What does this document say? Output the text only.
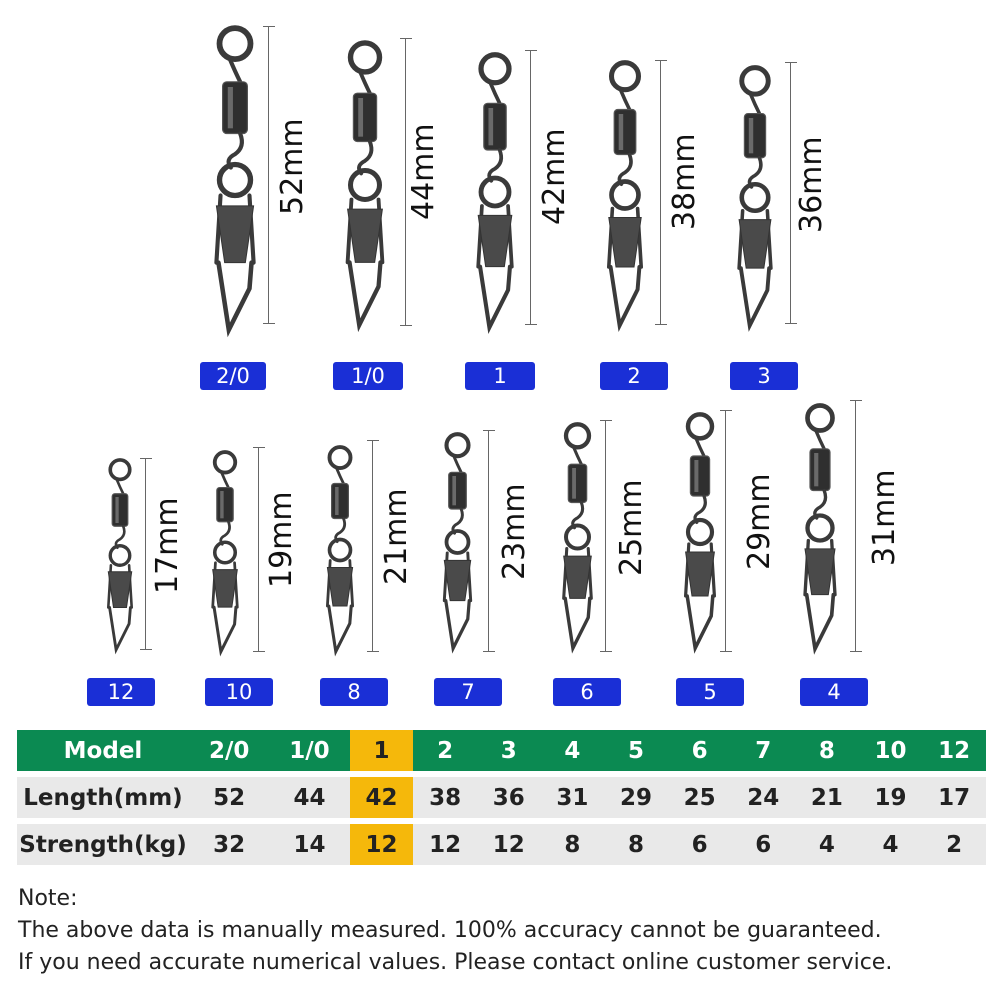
52mm
2/0
44mm
1/0
42mm
1
38mm
2
36mm
3
17mm
12
19mm
10
21mm
8
23mm
7
25mm
6
29mm
5
31mm
4
Model	2/0	1/0	1	2	3	4	5	6	7	8	10	12

Length(mm)	52	44	42	38	36	31	29	25	24	21	19	17

Strength(kg)	32	14	12	12	12	8	8	6	6	4	4	2
Note:
The above data is manually measured. 100% accuracy cannot be guaranteed.
If you need accurate numerical values. Please contact online customer service.
